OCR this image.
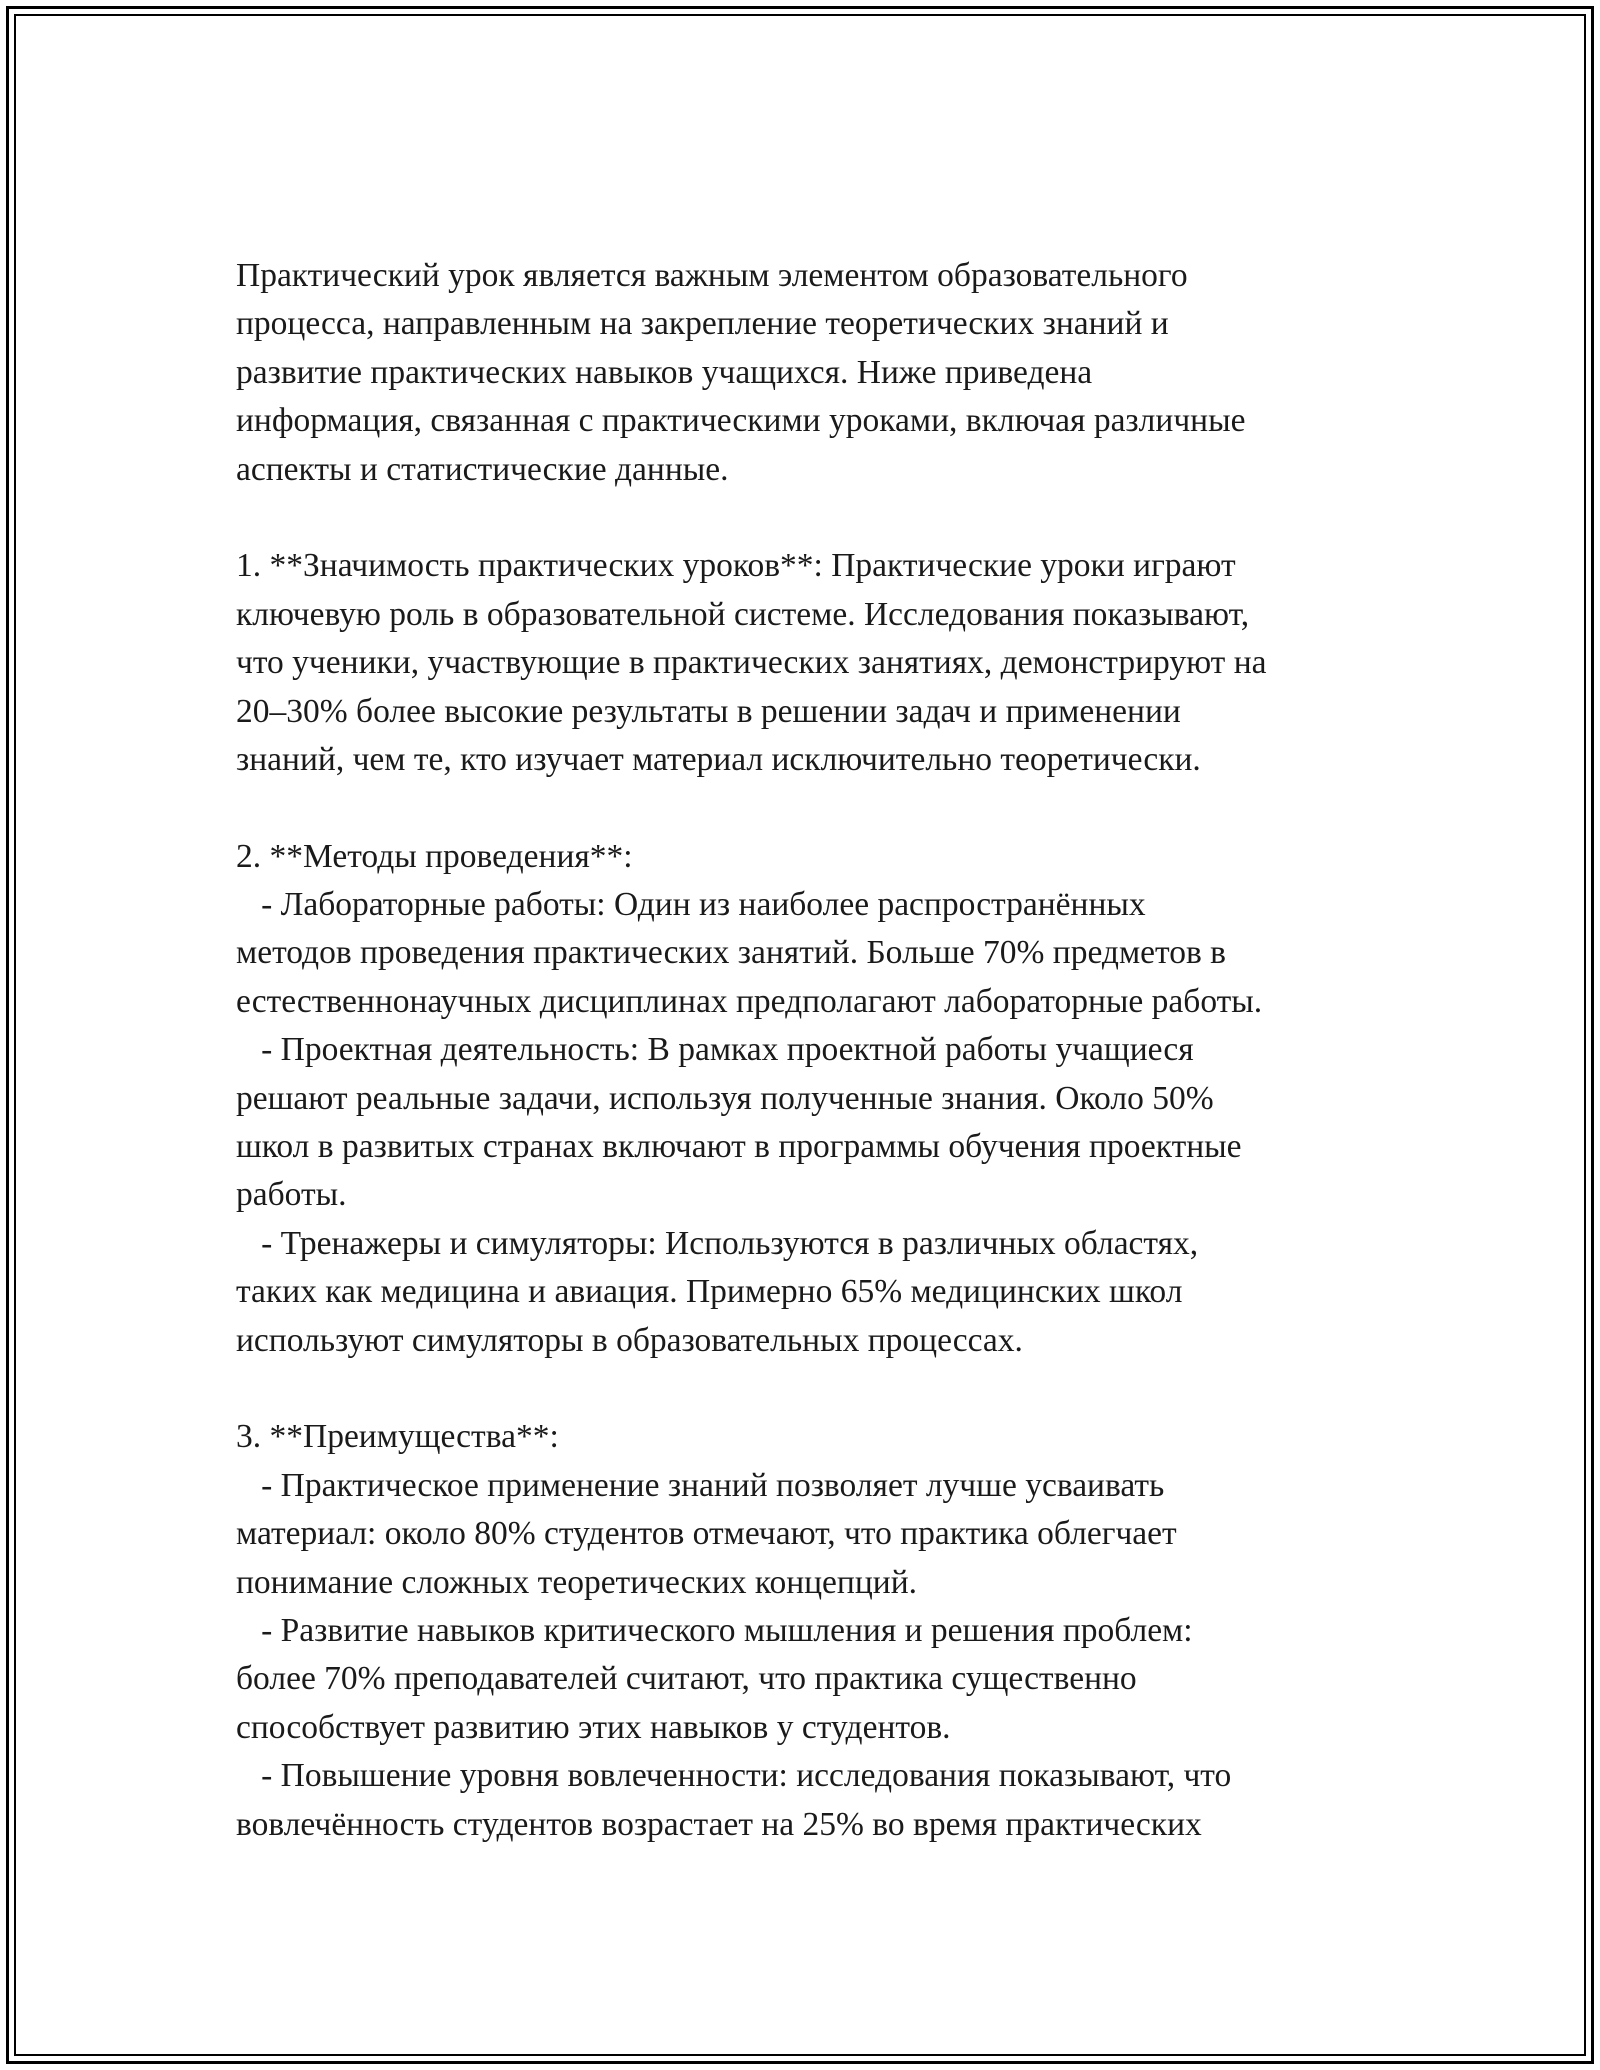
Практический урок является важным элементом образовательного
процесса, направленным на закрепление теоретических знаний и
развитие практических навыков учащихся. Ниже приведена
информация, связанная с практическими уроками, включая различные
аспекты и статистические данные.
1. **Значимость практических уроков**: Практические уроки играют
ключевую роль в образовательной системе. Исследования показывают,
что ученики, участвующие в практических занятиях, демонстрируют на
20–30% более высокие результаты в решении задач и применении
знаний, чем те, кто изучает материал исключительно теоретически.
2. **Методы проведения**:
- Лабораторные работы: Один из наиболее распространённых
методов проведения практических занятий. Больше 70% предметов в
естественнонаучных дисциплинах предполагают лабораторные работы.
- Проектная деятельность: В рамках проектной работы учащиеся
решают реальные задачи, используя полученные знания. Около 50%
школ в развитых странах включают в программы обучения проектные
работы.
- Тренажеры и симуляторы: Используются в различных областях,
таких как медицина и авиация. Примерно 65% медицинских школ
используют симуляторы в образовательных процессах.
3. **Преимущества**:
- Практическое применение знаний позволяет лучше усваивать
материал: около 80% студентов отмечают, что практика облегчает
понимание сложных теоретических концепций.
- Развитие навыков критического мышления и решения проблем:
более 70% преподавателей считают, что практика существенно
способствует развитию этих навыков у студентов.
- Повышение уровня вовлеченности: исследования показывают, что
вовлечённость студентов возрастает на 25% во время практических
